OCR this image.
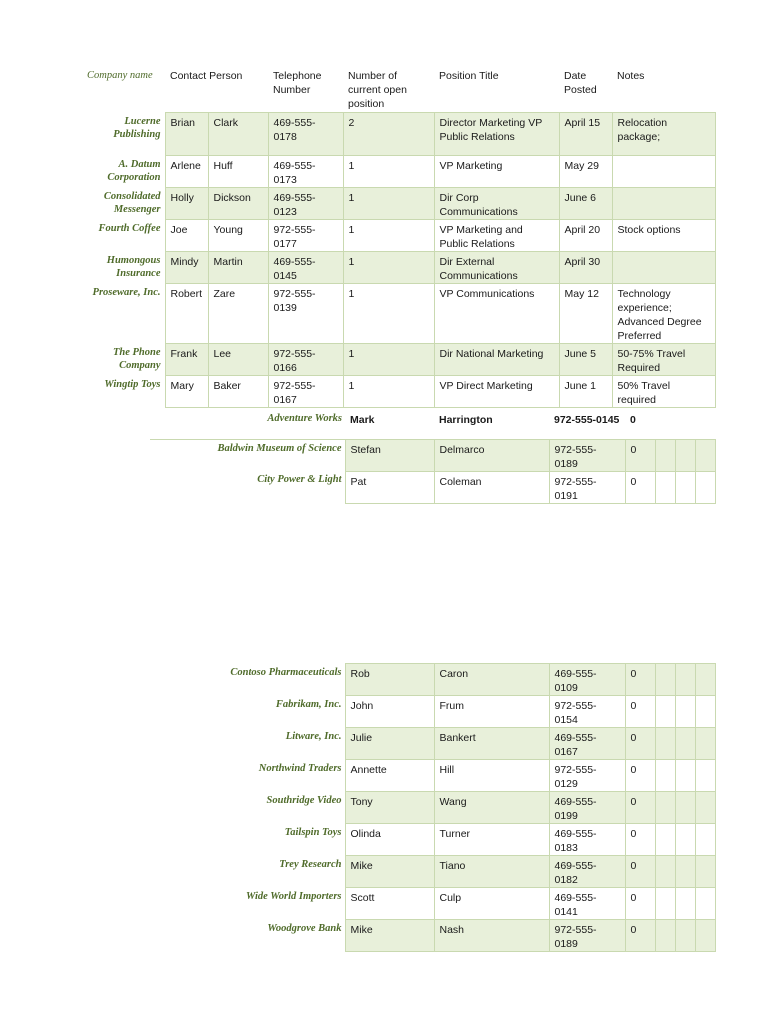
Company name	Contact Person		Telephone Number	Number of current open position	Position Title	Date Posted	Notes
Lucerne Publishing	Brian	Clark	469-555-0178	2	Director Marketing VP Public Relations	April 15	Relocation package;
A. Datum Corporation	Arlene	Huff	469-555-0173	1	VP Marketing	May 29	
Consolidated Messenger	Holly	Dickson	469-555-0123	1	Dir Corp Communications	June 6	
Fourth Coffee	Joe	Young	972-555-0177	1	VP Marketing and Public Relations	April 20	Stock options
Humongous Insurance	Mindy	Martin	469-555-0145	1	Dir External Communications	April 30	
Proseware, Inc.	Robert	Zare	972-555-0139	1	VP Communications	May 12	Technology experience; Advanced Degree Preferred
The Phone Company	Frank	Lee	972-555-0166	1	Dir National Marketing	June 5	50-75% Travel Required
Wingtip Toys	Mary	Baker	972-555-0167	1	VP Direct Marketing	June 1	50% Travel required
Adventure Works	Mark	Harrington	972-555-0145	0			
Baldwin Museum of Science	Stefan	Delmarco	972-555-0189	0			
City Power & Light	Pat	Coleman	972-555-0191	0			
Contoso Pharmaceuticals	Rob	Caron	469-555-0109	0			
Fabrikam, Inc.	John	Frum	972-555-0154	0			
Litware, Inc.	Julie	Bankert	469-555-0167	0			
Northwind Traders	Annette	Hill	972-555-0129	0			
Southridge Video	Tony	Wang	469-555-0199	0			
Tailspin Toys	Olinda	Turner	469-555-0183	0			
Trey Research	Mike	Tiano	469-555-0182	0			
Wide World Importers	Scott	Culp	469-555-0141	0			
Woodgrove Bank	Mike	Nash	972-555-0189	0			
